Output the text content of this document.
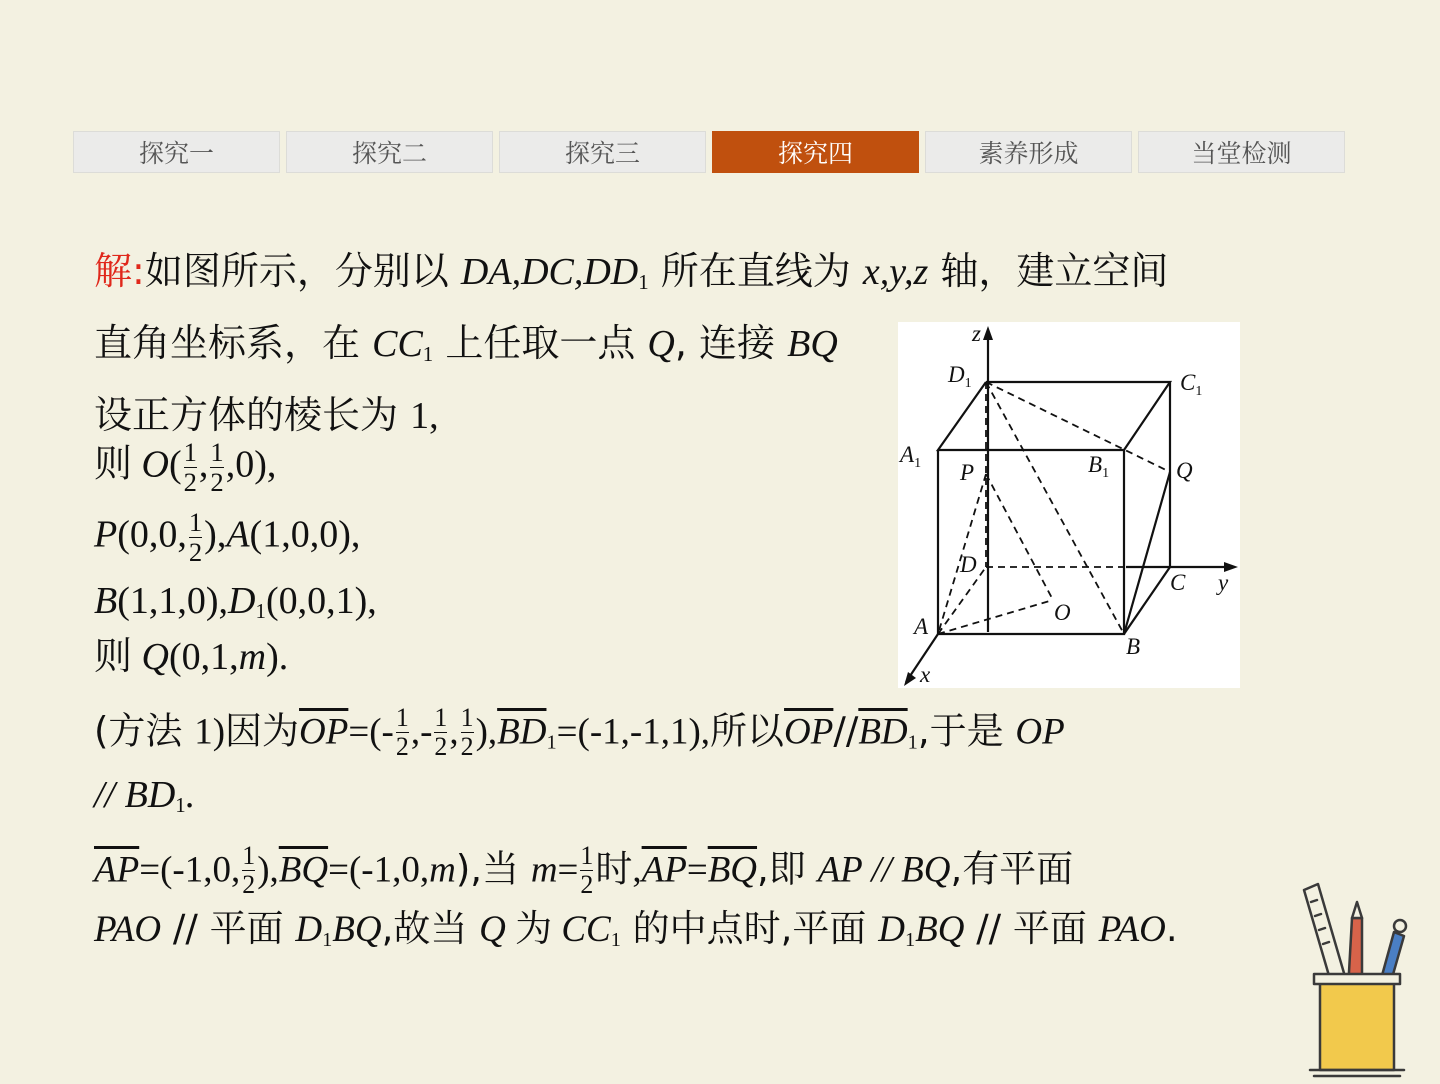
探究一	探究二	探究三	探究四	素养形成	当堂检测
解:如图所示，分别以 $DA,DC,DD_1$ 所在直线为 x,y,z 轴，建立空间
直角坐标系，在 $CC_1$ 上任取一点 Q, 连接 BQ
设正方体的棱长为 1,
则 $O( \frac{1}{2}$ , $\frac{1}{2} ,0$),
P(0,0, $\frac{1}{2} ),A(1,0,0)$,
$B(1,1,0),D_1(0,0,1)$,
则 Q(0,1,m).
(方法 1)因为$\overline{OP}=(- \frac{1}{2}$ ,- $\frac{1}{2}$ , $\frac{1}{2} ),\overline{BD}_1=(-1,-1,1)$,所以$\overline{OP}//\overline{BD}_1$,于是 OP
// $BD_1$.
$\overline{AP}=(-1,0$, $\frac{1}{2} ),\overline{BQ}=(-1,0,m)$,当 $m= \frac{1}{2}$ 时$,\overline{AP}=\overline{BQ}$,即 AP // BQ,有平面
PAO // 平面 $D_1BQ$,故当 Q 为 $CC_1$ 的中点时,平面 $D_1BQ$ // 平面 PAO.
z
y
x
$D_1$	$C_1$
$A_1$	$B_1$
P	Q
D
C
A
B
O
